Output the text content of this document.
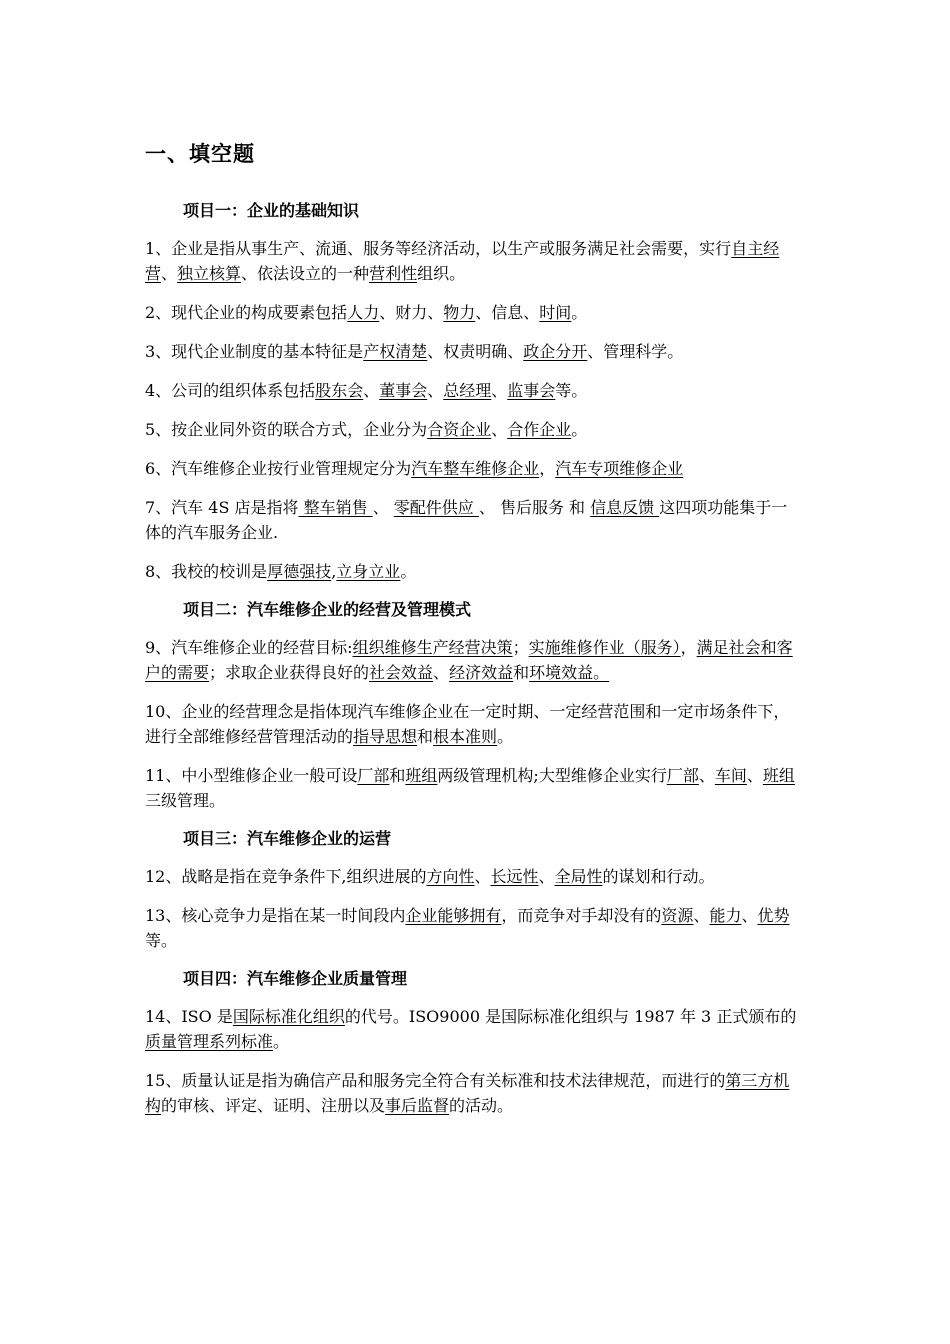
一、填空题
项目一：企业的基础知识
1、企业是指从事生产、流通、服务等经济活动，以生产或服务满足社会需要，实行自主经营、独立核算、依法设立的一种营利性组织。
2、现代企业的构成要素包括人力、财力、物力、信息、时间。
3、现代企业制度的基本特征是产权清楚、权责明确、政企分开、管理科学。
4、公司的组织体系包括股东会、董事会、总经理、监事会等。
5、按企业同外资的联合方式，企业分为合资企业、合作企业。
6、汽车维修企业按行业管理规定分为汽车整车维修企业，汽车专项维修企业
7、汽车 4S 店是指将 整车销售 、 零配件供应 、 售后服务 和 信息反馈 这四项功能集于一体的汽车服务企业.
8、我校的校训是厚德强技,立身立业。
项目二：汽车维修企业的经营及管理模式
9、汽车维修企业的经营目标:组织维修生产经营决策；实施维修作业（服务），满足社会和客户的需要；求取企业获得良好的社会效益、经济效益和环境效益。
10、企业的经营理念是指体现汽车维修企业在一定时期、一定经营范围和一定市场条件下，进行全部维修经营管理活动的指导思想和根本准则。
11、中小型维修企业一般可设厂部和班组两级管理机构;大型维修企业实行厂部、车间、班组三级管理。
项目三：汽车维修企业的运营
12、战略是指在竞争条件下,组织进展的方向性、长远性、全局性的谋划和行动。
13、核心竞争力是指在某一时间段内企业能够拥有，而竞争对手却没有的资源、能力、优势等。
项目四：汽车维修企业质量管理
14、ISO 是国际标准化组织的代号。ISO9000 是国际标准化组织与 1987 年 3 正式颁布的质量管理系列标准。
15、质量认证是指为确信产品和服务完全符合有关标准和技术法律规范，而进行的第三方机构的审核、评定、证明、注册以及事后监督的活动。
